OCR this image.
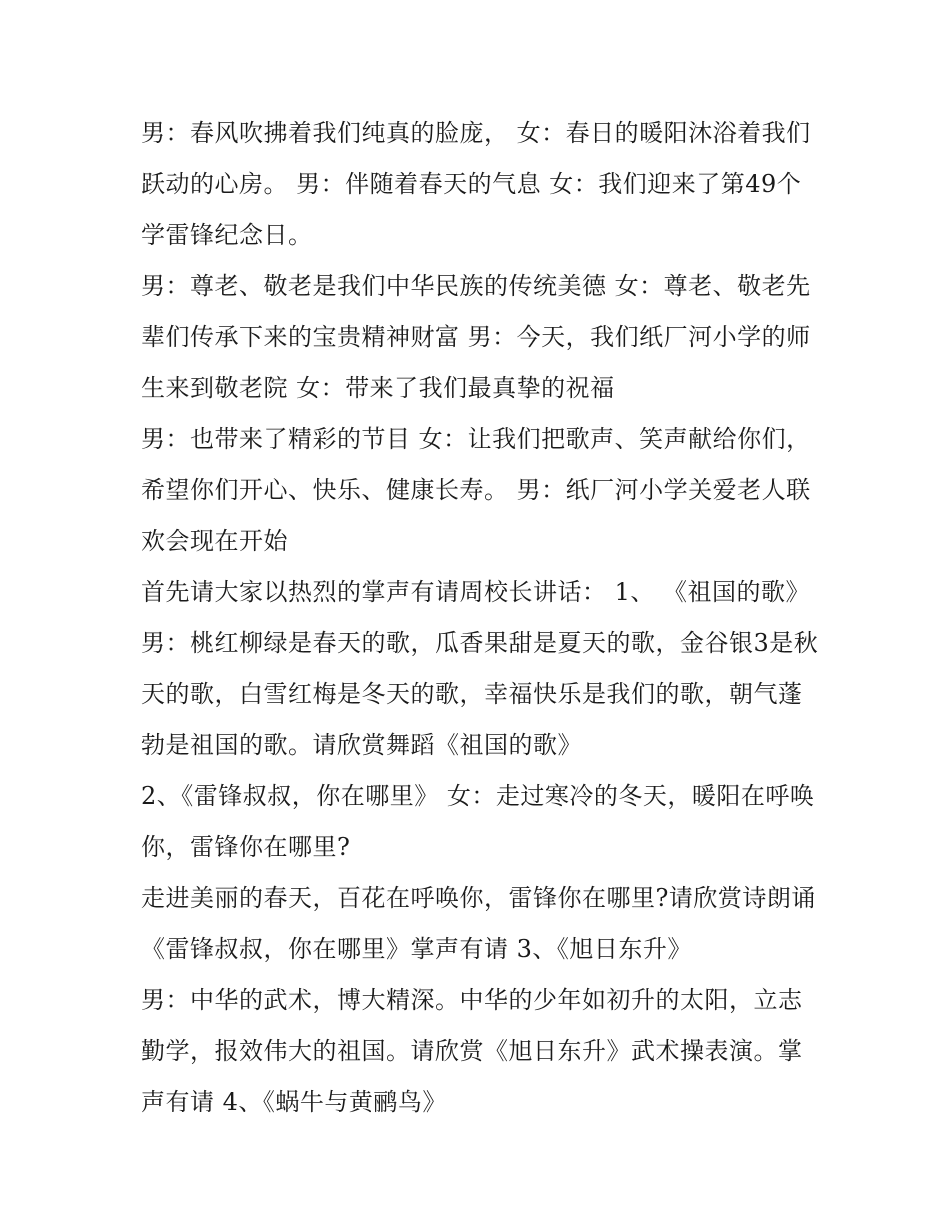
男：春风吹拂着我们纯真的脸庞， 女：春日的暖阳沐浴着我们跃动的心房。 男：伴随着春天的气息 女：我们迎来了第49个学雷锋纪念日。

男：尊老、敬老是我们中华民族的传统美德 女：尊老、敬老先辈们传承下来的宝贵精神财富 男：今天，我们纸厂河小学的师生来到敬老院 女：带来了我们最真挚的祝福

男：也带来了精彩的节目 女：让我们把歌声、笑声献给你们，希望你们开心、快乐、健康长寿。 男：纸厂河小学关爱老人联欢会现在开始

首先请大家以热烈的掌声有请周校长讲话： 1、 《祖国的歌》

男：桃红柳绿是春天的歌，瓜香果甜是夏天的歌，金谷银3是秋天的歌，白雪红梅是冬天的歌，幸福快乐是我们的歌，朝气蓬勃是祖国的歌。请欣赏舞蹈《祖国的歌》

2、《雷锋叔叔，你在哪里》 女：走过寒冷的冬天，暖阳在呼唤你，雷锋你在哪里?

走进美丽的春天，百花在呼唤你，雷锋你在哪里?请欣赏诗朗诵《雷锋叔叔，你在哪里》掌声有请 3、《旭日东升》

男：中华的武术，博大精深。中华的少年如初升的太阳，立志勤学，报效伟大的祖国。请欣赏《旭日东升》武术操表演。掌声有请 4、《蜗牛与黄鹂鸟》
